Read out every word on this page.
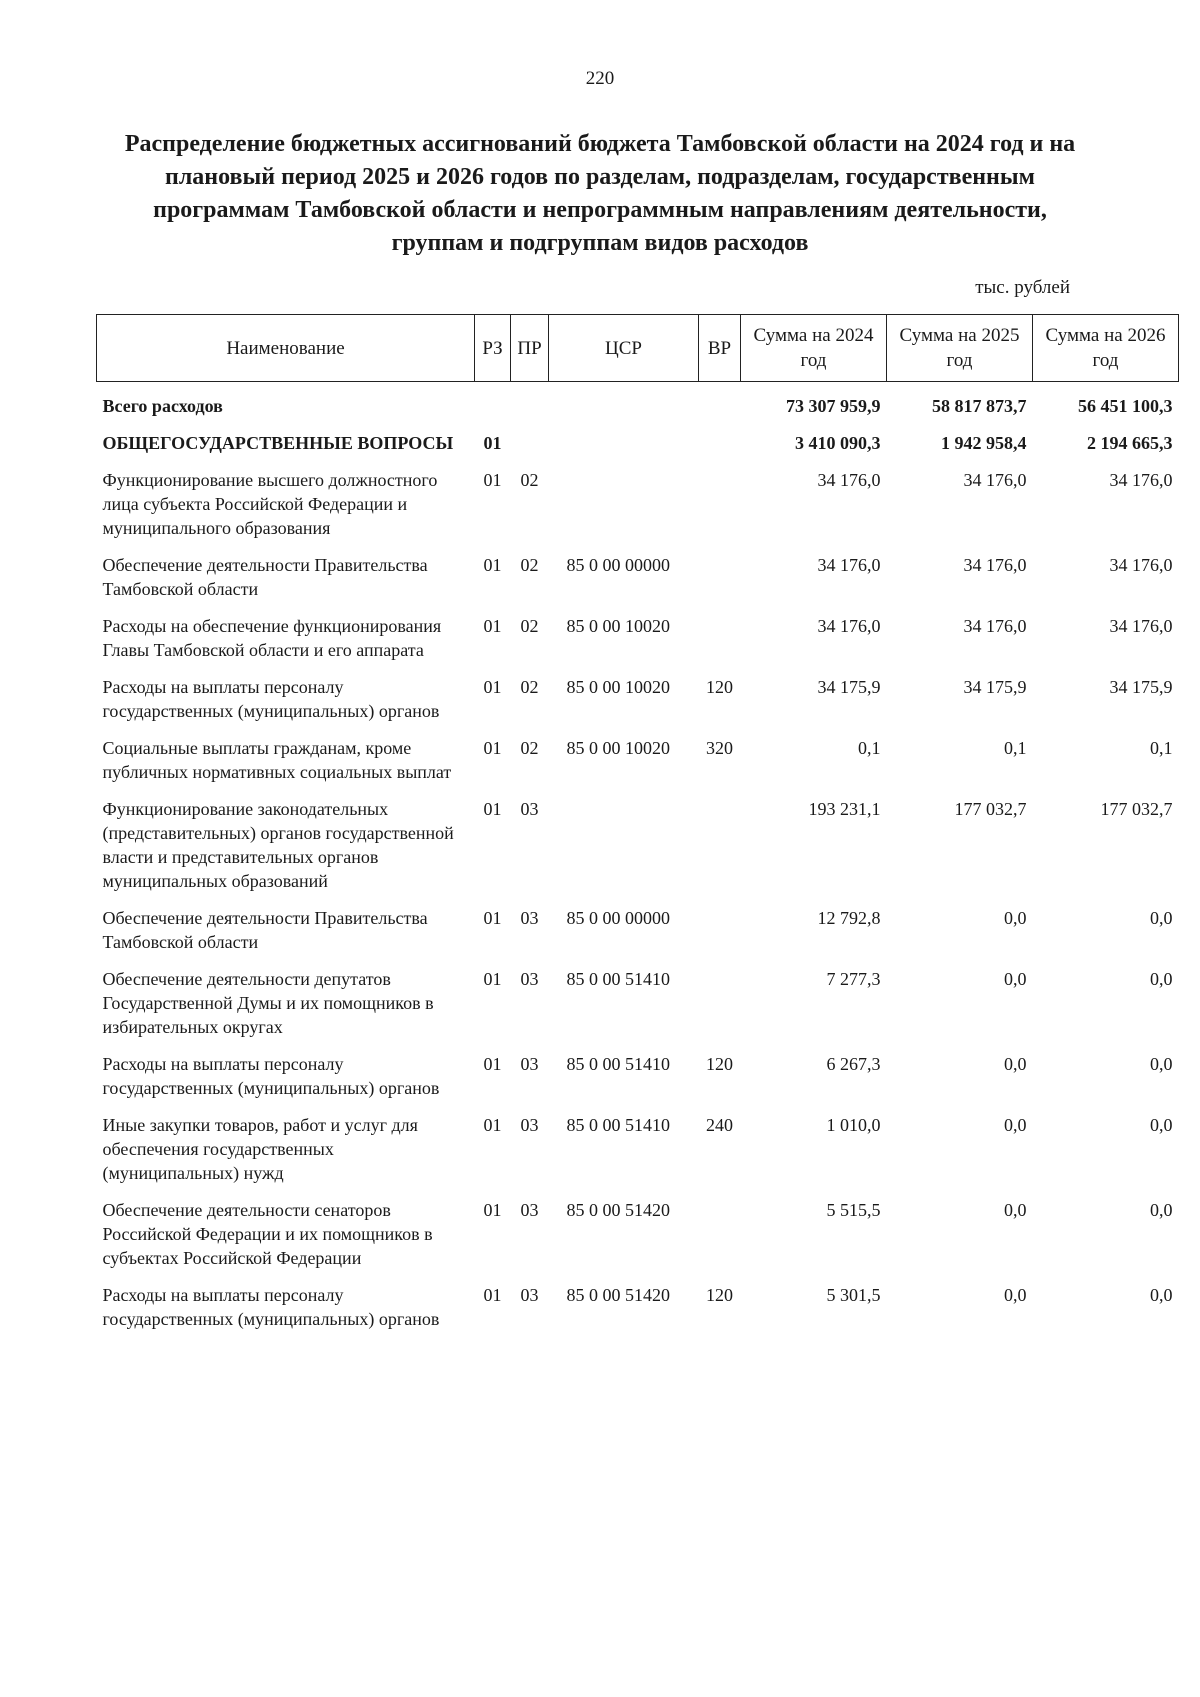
220
Распределение бюджетных ассигнований бюджета Тамбовской области на 2024 год и на плановый период 2025 и 2026 годов по разделам, подразделам, государственным программам Тамбовской области и непрограммным направлениям деятельности, группам и подгруппам видов расходов
тыс. рублей
Наименование	РЗ	ПР	ЦСР	ВР	Сумма на 2024 год	Сумма на 2025 год	Сумма на 2026 год
Всего расходов					73 307 959,9	58 817 873,7	56 451 100,3
ОБЩЕГОСУДАРСТВЕННЫЕ ВОПРОСЫ	01				3 410 090,3	1 942 958,4	2 194 665,3
Функционирование высшего должностного лица субъекта Российской Федерации и муниципального образования	01	02			34 176,0	34 176,0	34 176,0
Обеспечение деятельности Правительства Тамбовской области	01	02	85 0 00 00000		34 176,0	34 176,0	34 176,0
Расходы на обеспечение функционирования Главы Тамбовской области и его аппарата	01	02	85 0 00 10020		34 176,0	34 176,0	34 176,0
Расходы на выплаты персоналу государственных (муниципальных) органов	01	02	85 0 00 10020	120	34 175,9	34 175,9	34 175,9
Социальные выплаты гражданам, кроме публичных нормативных социальных выплат	01	02	85 0 00 10020	320	0,1	0,1	0,1
Функционирование законодательных (представительных) органов государственной власти и представительных органов муниципальных образований	01	03			193 231,1	177 032,7	177 032,7
Обеспечение деятельности Правительства Тамбовской области	01	03	85 0 00 00000		12 792,8	0,0	0,0
Обеспечение деятельности депутатов Государственной Думы и их помощников в избирательных округах	01	03	85 0 00 51410		7 277,3	0,0	0,0
Расходы на выплаты персоналу государственных (муниципальных) органов	01	03	85 0 00 51410	120	6 267,3	0,0	0,0
Иные закупки товаров, работ и услуг для обеспечения государственных (муниципальных) нужд	01	03	85 0 00 51410	240	1 010,0	0,0	0,0
Обеспечение деятельности сенаторов Российской Федерации и их помощников в субъектах Российской Федерации	01	03	85 0 00 51420		5 515,5	0,0	0,0
Расходы на выплаты персоналу государственных (муниципальных) органов	01	03	85 0 00 51420	120	5 301,5	0,0	0,0
